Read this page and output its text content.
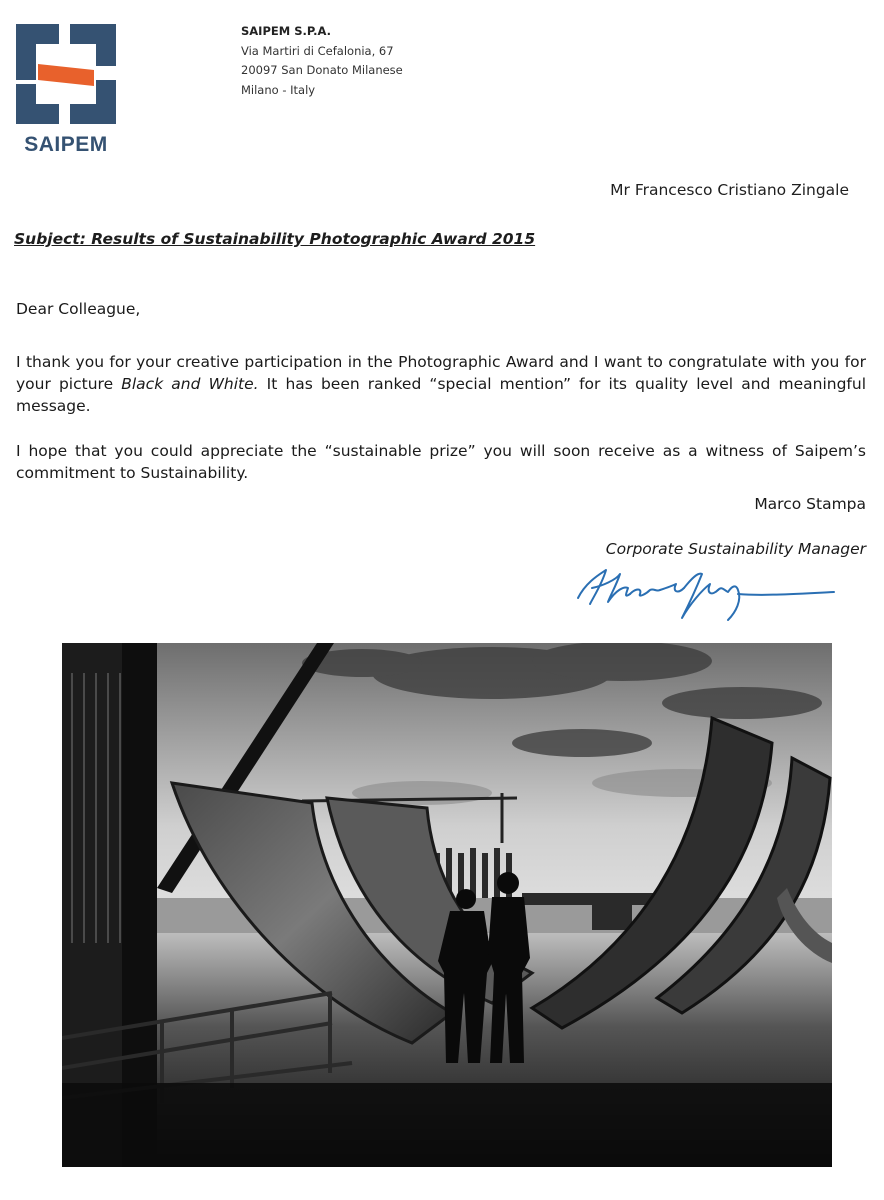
SAIPEM
SAIPEM S.P.A.
Via Martiri di Cefalonia, 67
20097 San Donato Milanese
Milano - Italy
Mr Francesco Cristiano Zingale
Subject: Results of Sustainability Photographic Award 2015
Dear Colleague,
I thank you for your creative participation in the Photographic Award and I want to congratulate with you for your picture Black and White. It has been ranked “special mention” for its quality level and meaningful message.
I hope that you could appreciate the “sustainable prize” you will soon receive as a witness of Saipem’s commitment to Sustainability.
Marco Stampa
Corporate Sustainability Manager
